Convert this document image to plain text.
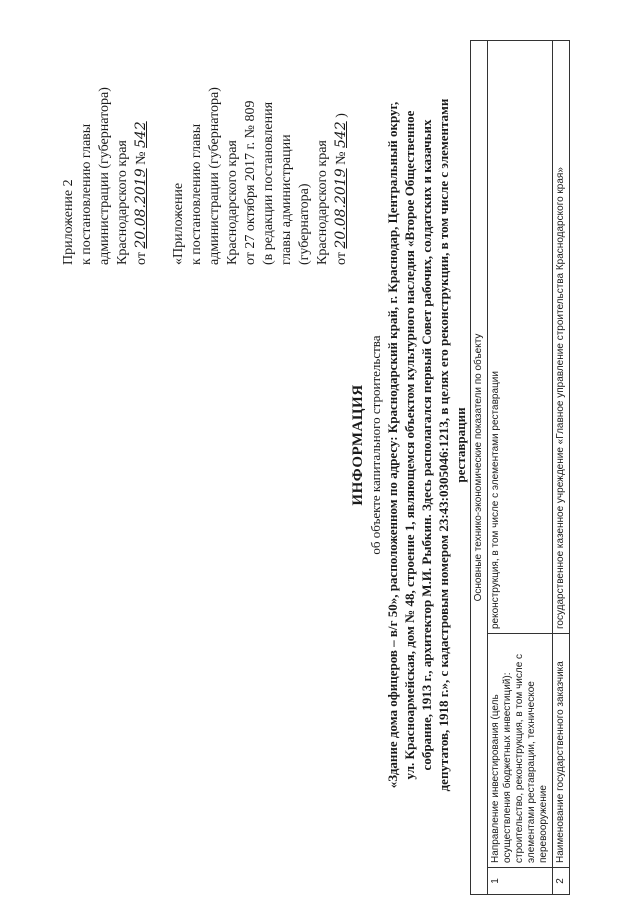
Приложение 2 к постановлению главы администрации (губернатора) Краснодарского края от 20.08.2019 № 542
«Приложение к постановлению главы администрации (губернатора) Краснодарского края от 27 октября 2017 г. № 809 (в редакции постановления главы администрации (губернатора) Краснодарского края от 20.08.2019 № 542 )
ИНФОРМАЦИЯ об объекте капитального строительства «Здание дома офицеров – в/г 50», расположенном по адресу: Краснодарский край, г. Краснодар, Центральный округ, ул. Красноармейская, дом № 48, строение 1, являющемся объектом культурного наследия «Второе Общественное собрание, 1913 г., архитектор М.И. Рыбкин. Здесь располагался первый Совет рабочих, солдатских и казачьих депутатов, 1918 г.», с кадастровым номером 23:43:0305046:1213, в целях его реконструкции, в том числе с элементами реставрации Основные технико-экономические показатели по объекту		
1	Направление инвестирования (цель осуществления бюджетных инвестиций): строительство, реконструкция, в том числе с элементами реставрации, техническое перевооружение	реконструкция, в том числе с элементами реставрации
2	Наименование государственного заказчика	государственное казенное учреждение «Главное управление строительства Краснодарского края»
